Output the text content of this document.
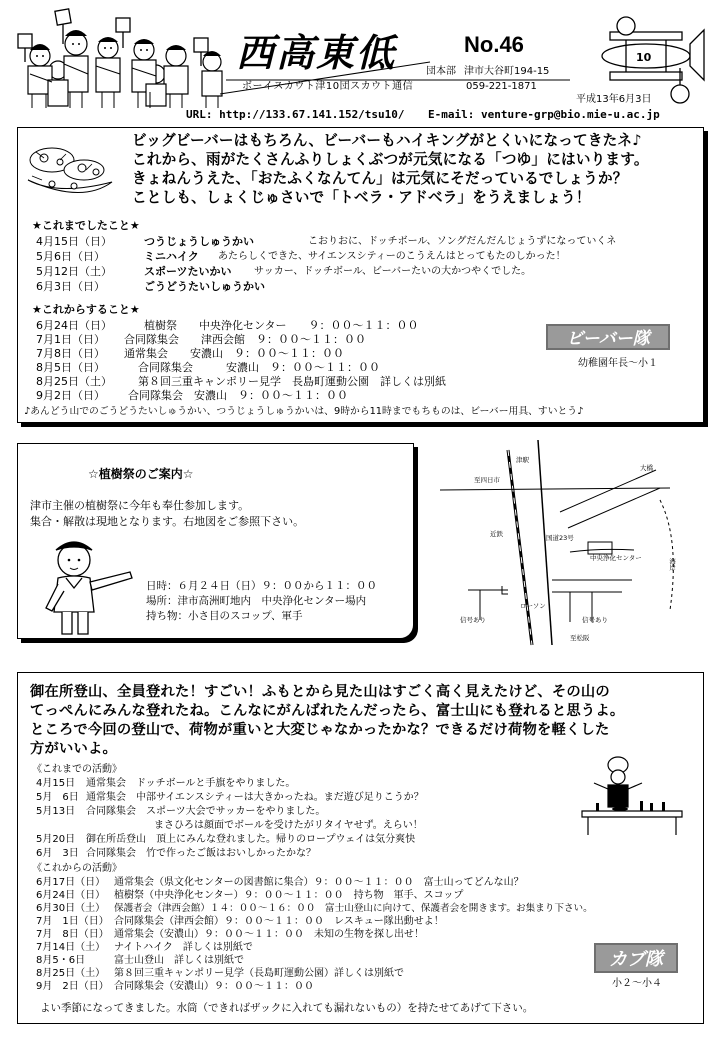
西高東低	No.46
団本部 津市大谷町194-15
ボーイスカウト津10団スカウト通信	059-221-1871
平成13年6月3日
URL: http://133.67.141.152/tsu10/ E-mail: venture-grp@bio.mie-u.ac.jp
10
ビッグビーバーはもちろん、ビーバーもハイキングがとくいになってきたネ♪
これから、雨がたくさんふりしょくぶつが元気になる「つゆ」にはいります。
きょねんうえた、「おたふくなんてん」は元気にそだっているでしょうか？
ことしも、しょくじゅさいで「トベラ・アドベラ」をうえましょう！
★これまでしたこと★
4月15日（日）	つうじょうしゅうかい	こおりおに、ドッチボール、ソングだんだんじょうずになっていくネ
5月6日（日）	ミニハイク あたらしくできた、サイエンスシティーのこうえんはとってもたのしかった！
5月12日（土）	スポーツたいかい サッカー、ドッチボール、ビーバーたいの大かつやくでした。
6月3日（日）	ごうどうたいしゅうかい
★これからすること★
6月24日（日）	植樹祭　　中央浄化センター　　９：００～１１：００
7月1日（日） 合同隊集会　　津西会館　９：００～１１：００
7月8日（日） 通常集会　　安濃山　９：００～１１：００
8月5日（日）	合同隊集会　　　安濃山　９：００～１１：００
8月25日（土） 第８回三重キャンポリー見学　長島町運動公園　詳しくは別紙
9月2日（日） 合同隊集会　安濃山　９：００～１１：００
ビーバー隊
幼稚園年長～小１
♪あんどう山でのごうどうたいしゅうかい、つうじょうしゅうかいは、9時から11時までもちものは、ビーバー用具、すいとう♪
☆植樹祭のご案内☆
津市主催の植樹祭に今年も奉仕参加します。
集合・解散は現地となります。右地図をご参照下さい。
日時：６月２４日（日）９：００から１１：００
場所：津市高洲町地内　中央浄化センター場内
持ち物：小さ目のスコップ、軍手
津駅
中央浄化センター
至松阪
至四日市
海岸
国道23号
信号あり	信号あり
大橋
近鉄
ローソン
御在所登山、全員登れた！すごい！ふもとから見た山はすごく高く見えたけど、その山の
てっぺんにみんな登れたね。こんなにがんばれたんだったら、富士山にも登れると思うよ。
ところで今回の登山で、荷物が重いと大変じゃなかったかな？できるだけ荷物を軽くした
方がいいよ。
《これまでの活動》
4月15日 通常集会　ドッチボールと手旗をやりました。
5月　6日 通常集会　中部サイエンスシティーは大きかったね。まだ遊び足りこうか？
5月13日 合同隊集会　スポーツ大会でサッカーをやりました。
まさひろは顔面でボールを受けたがリタイヤせず。えらい！
5月20日 御在所岳登山　頂上にみんな登れました。帰りのロープウェイは気分爽快
6月　3日 合同隊集会　竹で作ったご飯はおいしかったかな？
《これからの活動》
6月17日（日） 通常集会（県文化センターの図書館に集合）９：００～１１：００　富士山ってどんな山？
6月24日（日） 植樹祭（中央浄化センター）９：００～１１：００　持ち物　軍手、スコップ
6月30日（土） 保護者会（津西会館）１４：００～１６：００　富士山登山に向けて、保護者会を開きます。お集まり下さい。
7月　1日（日） 合同隊集会（津西会館）９：００～１１：００　レスキュー隊出動せよ！
7月　8日（日） 通常集会（安濃山）９：００～１１：００　未知の生物を探し出せ！
7月14日（土） ナイトハイク　詳しくは別紙で
8月5・6日	富士山登山　詳しくは別紙で
8月25日（土） 第８回三重キャンポリー見学（長島町運動公園）詳しくは別紙で
9月　2日（日） 合同隊集会（安濃山）９：００～１１：００
カブ隊
小２～小４
よい季節になってきました。水筒（できればザックに入れても漏れないもの）を持たせてあげて下さい。
